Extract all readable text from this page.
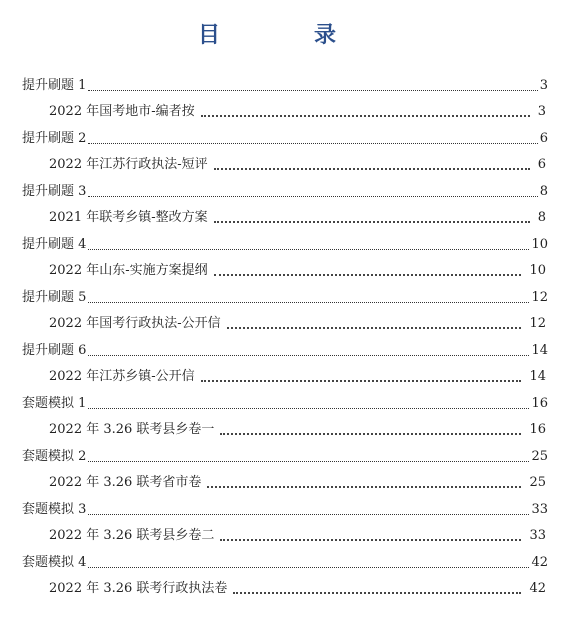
目　录
提升刷题 1	3
2022 年国考地市-编者按	3
提升刷题 2	6
2022 年江苏行政执法-短评	6
提升刷题 3	8
2021 年联考乡镇-整改方案	8
提升刷题 4	10
2022 年山东-实施方案提纲	10
提升刷题 5	12
2022 年国考行政执法-公开信	12
提升刷题 6	14
2022 年江苏乡镇-公开信	14
套题模拟 1	16
2022 年 3.26 联考县乡卷一	16
套题模拟 2	25
2022 年 3.26 联考省市卷	25
套题模拟 3	33
2022 年 3.26 联考县乡卷二	33
套题模拟 4	42
2022 年 3.26 联考行政执法卷	42
